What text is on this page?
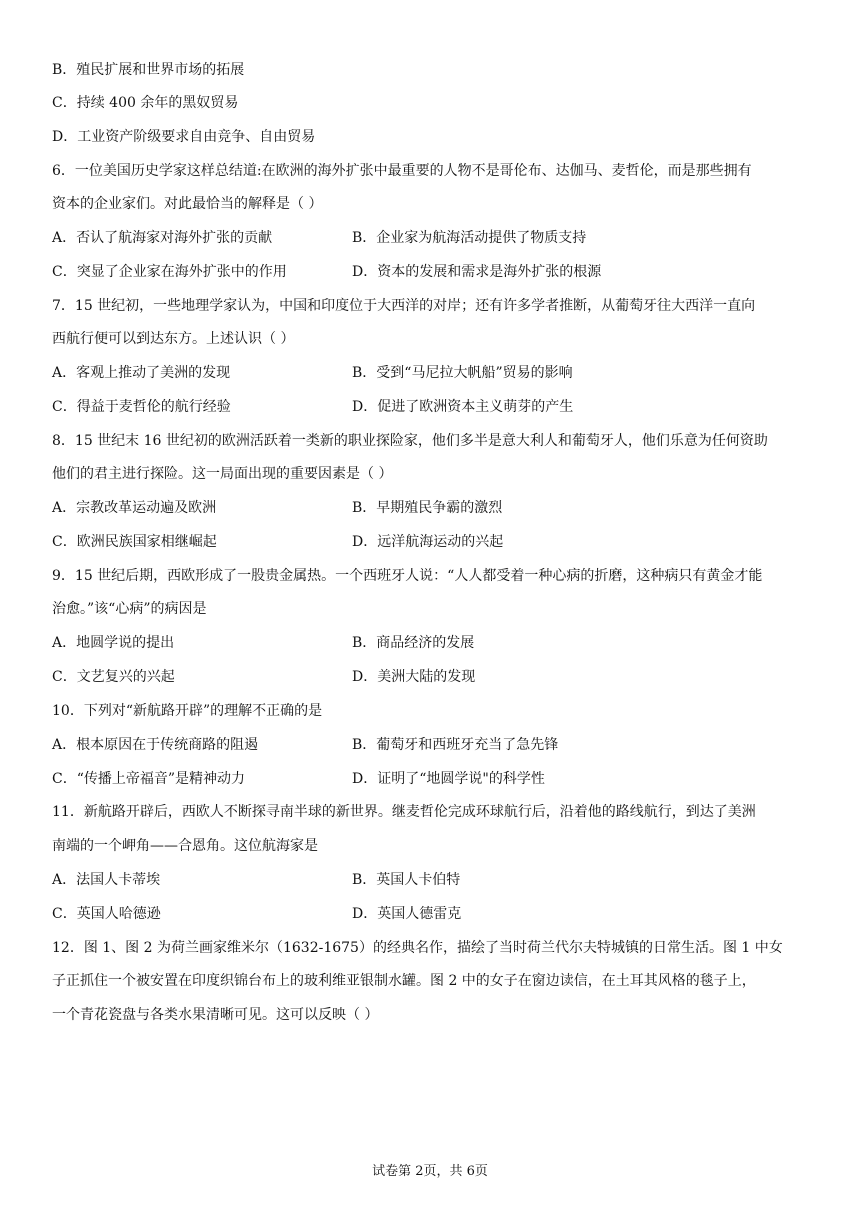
B．殖民扩展和世界市场的拓展
C．持续 400 余年的黑奴贸易
D．工业资产阶级要求自由竞争、自由贸易
6．一位美国历史学家这样总结道:在欧洲的海外扩张中最重要的人物不是哥伦布、达伽马、麦哲伦，而是那些拥有
资本的企业家们。对此最恰当的解释是（ ）
A．否认了航海家对海外扩张的贡献	B．企业家为航海活动提供了物质支持
C．突显了企业家在海外扩张中的作用	D．资本的发展和需求是海外扩张的根源
7．15 世纪初，一些地理学家认为，中国和印度位于大西洋的对岸；还有许多学者推断，从葡萄牙往大西洋一直向
西航行便可以到达东方。上述认识（ ）
A．客观上推动了美洲的发现	B．受到“马尼拉大帆船”贸易的影响
C．得益于麦哲伦的航行经验	D．促进了欧洲资本主义萌芽的产生
8．15 世纪末 16 世纪初的欧洲活跃着一类新的职业探险家，他们多半是意大利人和葡萄牙人，他们乐意为任何资助
他们的君主进行探险。这一局面出现的重要因素是（ ）
A．宗教改革运动遍及欧洲	B．早期殖民争霸的激烈
C．欧洲民族国家相继崛起	D．远洋航海运动的兴起
9．15 世纪后期，西欧形成了一股贵金属热。一个西班牙人说：“人人都受着一种心病的折磨，这种病只有黄金才能
治愈。”该“心病”的病因是
A．地圆学说的提出	B．商品经济的发展
C．文艺复兴的兴起	D．美洲大陆的发现
10．下列对“新航路开辟”的理解不正确的是
A．根本原因在于传统商路的阻遏	B．葡萄牙和西班牙充当了急先锋
C．“传播上帝福音”是精神动力	D．证明了“地圆学说"的科学性
11．新航路开辟后，西欧人不断探寻南半球的新世界。继麦哲伦完成环球航行后，沿着他的路线航行，到达了美洲
南端的一个岬角——合恩角。这位航海家是
A．法国人卡蒂埃	B．英国人卡伯特
C．英国人哈德逊	D．英国人德雷克
12．图 1、图 2 为荷兰画家维米尔（1632-1675）的经典名作，描绘了当时荷兰代尔夫特城镇的日常生活。图 1 中女
子正抓住一个被安置在印度织锦台布上的玻利维亚银制水罐。图 2 中的女子在窗边读信，在土耳其风格的毯子上，
一个青花瓷盘与各类水果清晰可见。这可以反映（ ）
试卷第 2页，共 6页
